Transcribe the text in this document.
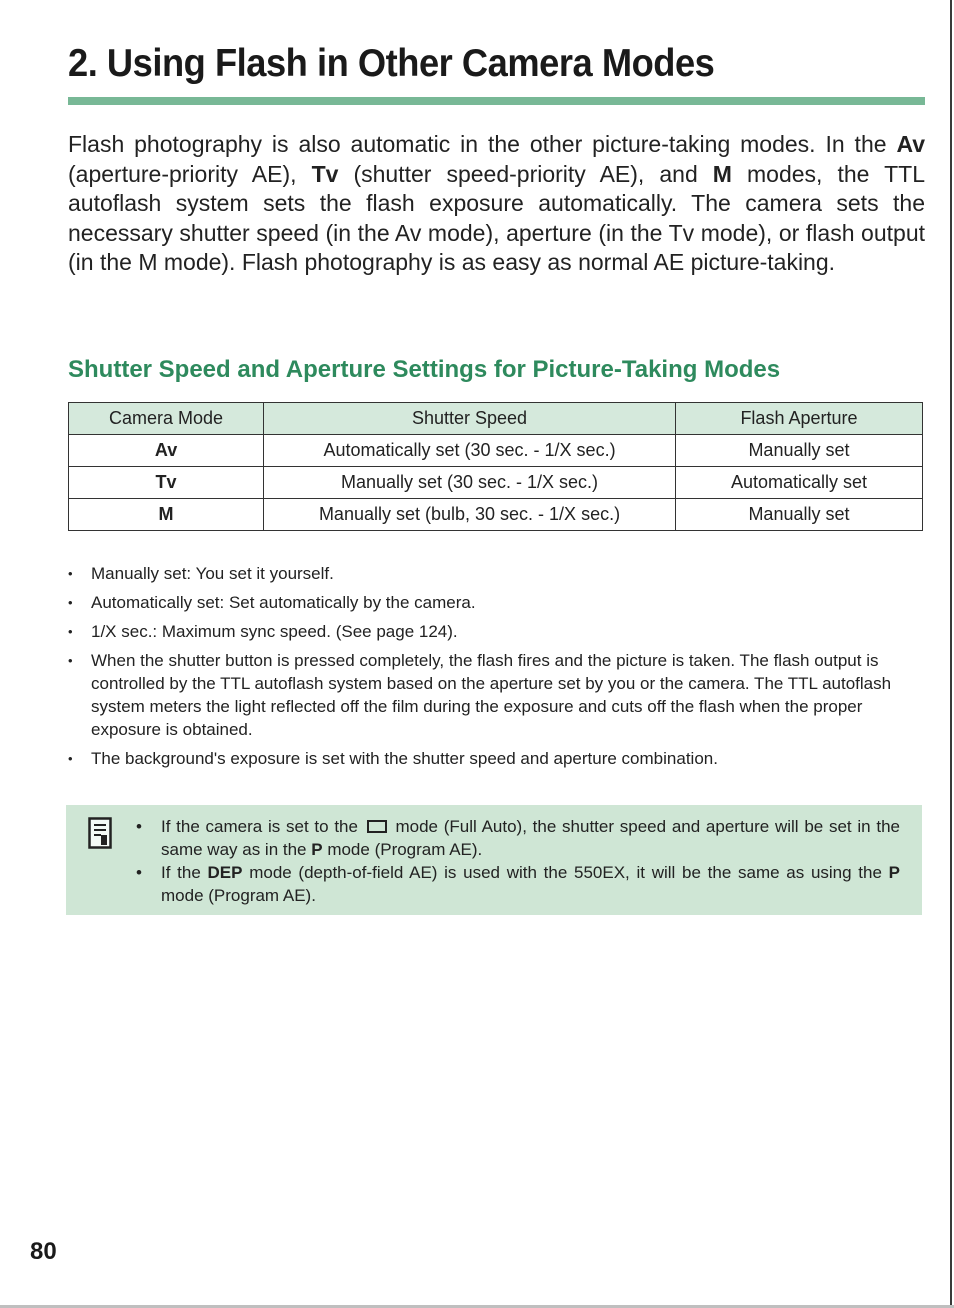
2. Using Flash in Other Camera Modes

Flash photography is also automatic in the other picture-taking modes. In the Av (aperture-priority AE), Tv (shutter speed-priority AE), and M modes, the TTL autoflash system sets the flash exposure automatically. The camera sets the necessary shutter speed (in the Av mode), aperture (in the Tv mode), or flash output (in the M mode). Flash photography is as easy as normal AE picture-taking.

Shutter Speed and Aperture Settings for Picture-Taking Modes
Camera Mode	Shutter Speed	Flash Aperture
Av	Automatically set (30 sec. - 1/X sec.)	Manually set
Tv	Manually set (30 sec. - 1/X sec.)	Automatically set
M	Manually set (bulb, 30 sec. - 1/X sec.)	Manually set
• Manually set: You set it yourself.
• Automatically set: Set automatically by the camera.
• 1/X sec.: Maximum sync speed. (See page 124).
• When the shutter button is pressed completely, the flash fires and the picture is taken. The flash output is controlled by the TTL autoflash system based on the aperture set by you or the camera. The TTL autoflash system meters the light reflected off the film during the exposure and cuts off the flash when the proper exposure is obtained.
• The background's exposure is set with the shutter speed and aperture combination.
• If the camera is set to the  mode (Full Auto), the shutter speed and aperture will be set in the same way as in the P mode (Program AE).
• If the DEP mode (depth-of-field AE) is used with the 550EX, it will be the same as using the P mode (Program AE).
80
